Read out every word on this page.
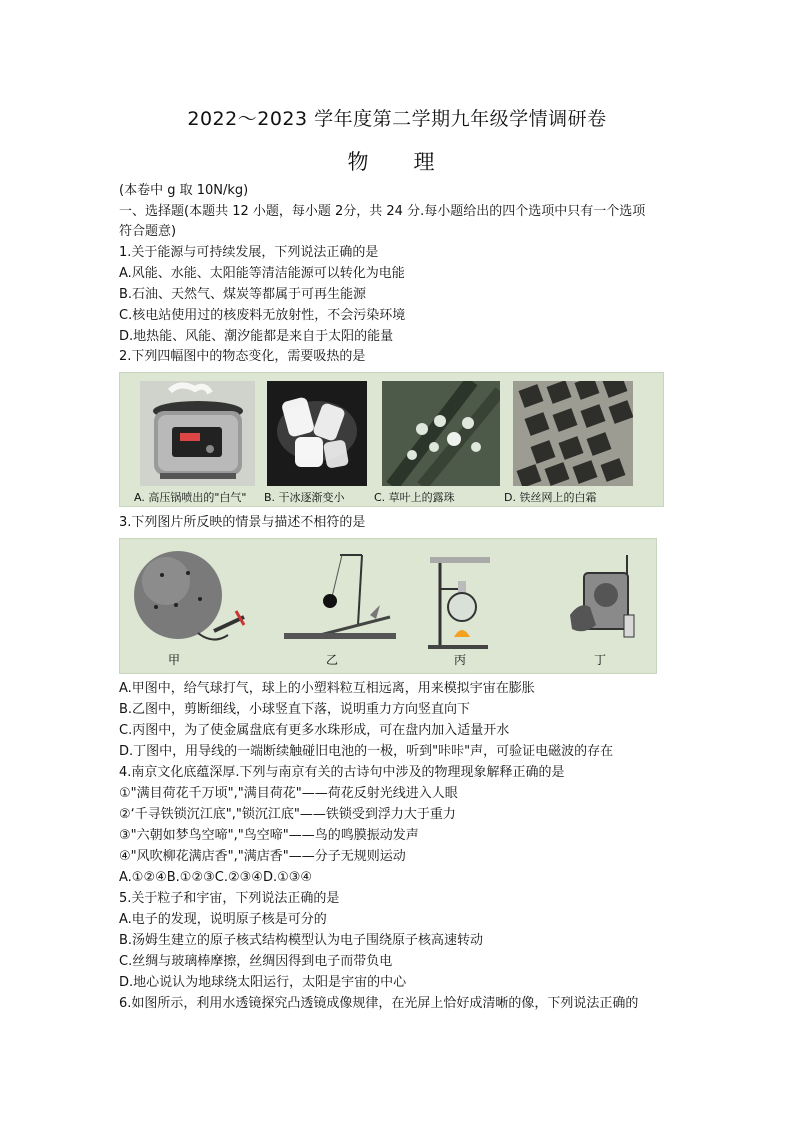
2022～2023 学年度第二学期九年级学情调研卷
物　理
(本卷中 g 取 10N/kg)
一、选择题(本题共 12 小题，每小题 2分，共 24 分.每小题给出的四个选项中只有一个选项
符合题意)
1.关于能源与可持续发展，下列说法正确的是
A.风能、水能、太阳能等清洁能源可以转化为电能
B.石油、天然气、煤炭等都属于可再生能源
C.核电站使用过的核废料无放射性，不会污染环境
D.地热能、风能、潮汐能都是来自于太阳的能量
2.下列四幅图中的物态变化，需要吸热的是
A. 高压锅喷出的"白气" B. 干冰逐渐变小	C. 草叶上的露珠	D. 铁丝网上的白霜
3.下列图片所反映的情景与描述不相符的是
甲	乙	丙	丁
A.甲图中，给气球打气，球上的小塑料粒互相远离，用来模拟宇宙在膨胀
B.乙图中，剪断细线，小球竖直下落，说明重力方向竖直向下
C.丙图中，为了使金属盘底有更多水珠形成，可在盘内加入适量开水
D.丁图中，用导线的一端断续触碰旧电池的一极，听到"咔咔"声，可验证电磁波的存在
4.南京文化底蕴深厚.下列与南京有关的古诗句中涉及的物理现象解释正确的是
①"满目荷花千万顷","满目荷花"——荷花反射光线进入人眼
②‘千寻铁锁沉江底","锁沉江底"——铁锁受到浮力大于重力
③"六朝如梦鸟空啼","鸟空啼"——鸟的鸣膜振动发声
④"风吹柳花满店香","满店香"——分子无规则运动
A.①②④B.①②③C.②③④D.①③④
5.关于粒子和宇宙，下列说法正确的是
A.电子的发现，说明原子核是可分的
B.汤姆生建立的原子核式结构模型认为电子围绕原子核高速转动
C.丝绸与玻璃棒摩擦，丝绸因得到电子而带负电
D.地心说认为地球绕太阳运行，太阳是宇宙的中心
6.如图所示，利用水透镜探究凸透镜成像规律，在光屏上恰好成清晰的像，下列说法正确的
